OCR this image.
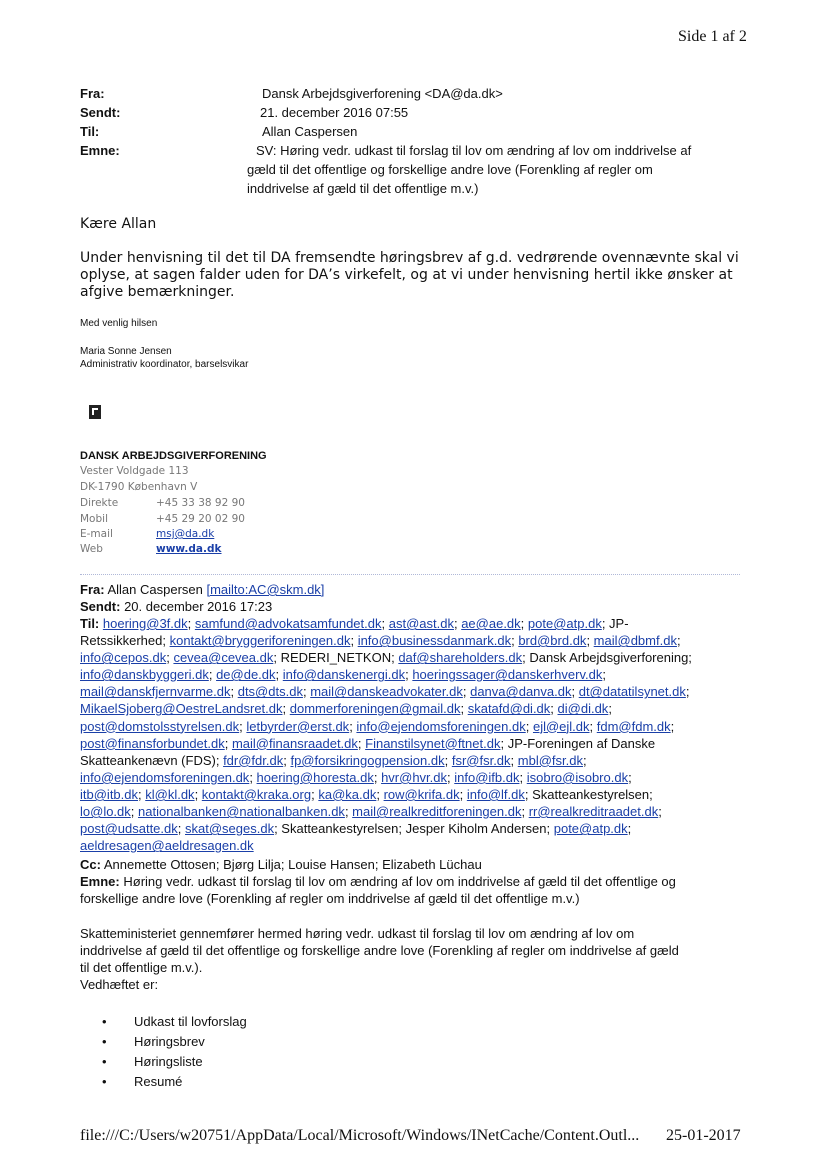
Side 1 af 2
Fra:	Dansk Arbejdsgiverforening <DA@da.dk>
Sendt:	21. december 2016 07:55
Til:	Allan Caspersen
Emne:	SV: Høring vedr. udkast til forslag til lov om ændring af lov om inddrivelse af
gæld til det offentlige og forskellige andre love (Forenkling af regler om
inddrivelse af gæld til det offentlige m.v.)
Kære Allan
Under henvisning til det til DA fremsendte høringsbrev af g.d. vedrørende ovennævnte skal vi
oplyse, at sagen falder uden for DA’s virkefelt, og at vi under henvisning hertil ikke ønsker at
afgive bemærkninger.
Med venlig hilsen
Maria Sonne Jensen
Administrativ koordinator, barselsvikar
DANSK ARBEJDSGIVERFORENING
Vester Voldgade 113
DK-1790 København V
Direkte	+45 33 38 92 90
Mobil	+45 29 20 02 90
E-mail	msj@da.dk
Web	www.da.dk
Fra: Allan Caspersen [mailto:AC@skm.dk]
Sendt: 20. december 2016 17:23
Til: hoering@3f.dk; samfund@advokatsamfundet.dk; ast@ast.dk; ae@ae.dk; pote@atp.dk; JP-
Retssikkerhed; kontakt@bryggeriforeningen.dk; info@businessdanmark.dk; brd@brd.dk; mail@dbmf.dk;
info@cepos.dk; cevea@cevea.dk; REDERI_NETKON; daf@shareholders.dk; Dansk Arbejdsgiverforening;
info@danskbyggeri.dk; de@de.dk; info@danskenergi.dk; hoeringssager@danskerhverv.dk;
mail@danskfjernvarme.dk; dts@dts.dk; mail@danskeadvokater.dk; danva@danva.dk; dt@datatilsynet.dk;
MikaelSjoberg@OestreLandsret.dk; dommerforeningen@gmail.dk; skatafd@di.dk; di@di.dk;
post@domstolsstyrelsen.dk; letbyrder@erst.dk; info@ejendomsforeningen.dk; ejl@ejl.dk; fdm@fdm.dk;
post@finansforbundet.dk; mail@finansraadet.dk; Finanstilsynet@ftnet.dk; JP-Foreningen af Danske
Skatteankenævn (FDS); fdr@fdr.dk; fp@forsikringogpension.dk; fsr@fsr.dk; mbl@fsr.dk;
info@ejendomsforeningen.dk; hoering@horesta.dk; hvr@hvr.dk; info@ifb.dk; isobro@isobro.dk;
itb@itb.dk; kl@kl.dk; kontakt@kraka.org; ka@ka.dk; row@krifa.dk; info@lf.dk; Skatteankestyrelsen;
lo@lo.dk; nationalbanken@nationalbanken.dk; mail@realkreditforeningen.dk; rr@realkreditraadet.dk;
post@udsatte.dk; skat@seges.dk; Skatteankestyrelsen; Jesper Kiholm Andersen; pote@atp.dk;
aeldresagen@aeldresagen.dk
Cc: Annemette Ottosen; Bjørg Lilja; Louise Hansen; Elizabeth Lüchau
Emne: Høring vedr. udkast til forslag til lov om ændring af lov om inddrivelse af gæld til det offentlige og
forskellige andre love (Forenkling af regler om inddrivelse af gæld til det offentlige m.v.)
Skatteministeriet gennemfører hermed høring vedr. udkast til forslag til lov om ændring af lov om
inddrivelse af gæld til det offentlige og forskellige andre love (Forenkling af regler om inddrivelse af gæld
til det offentlige m.v.).
Vedhæftet er:
• Udkast til lovforslag
• Høringsbrev
• Høringsliste
• Resumé
file:///C:/Users/w20751/AppData/Local/Microsoft/Windows/INetCache/Content.Outl... 25-01-2017
